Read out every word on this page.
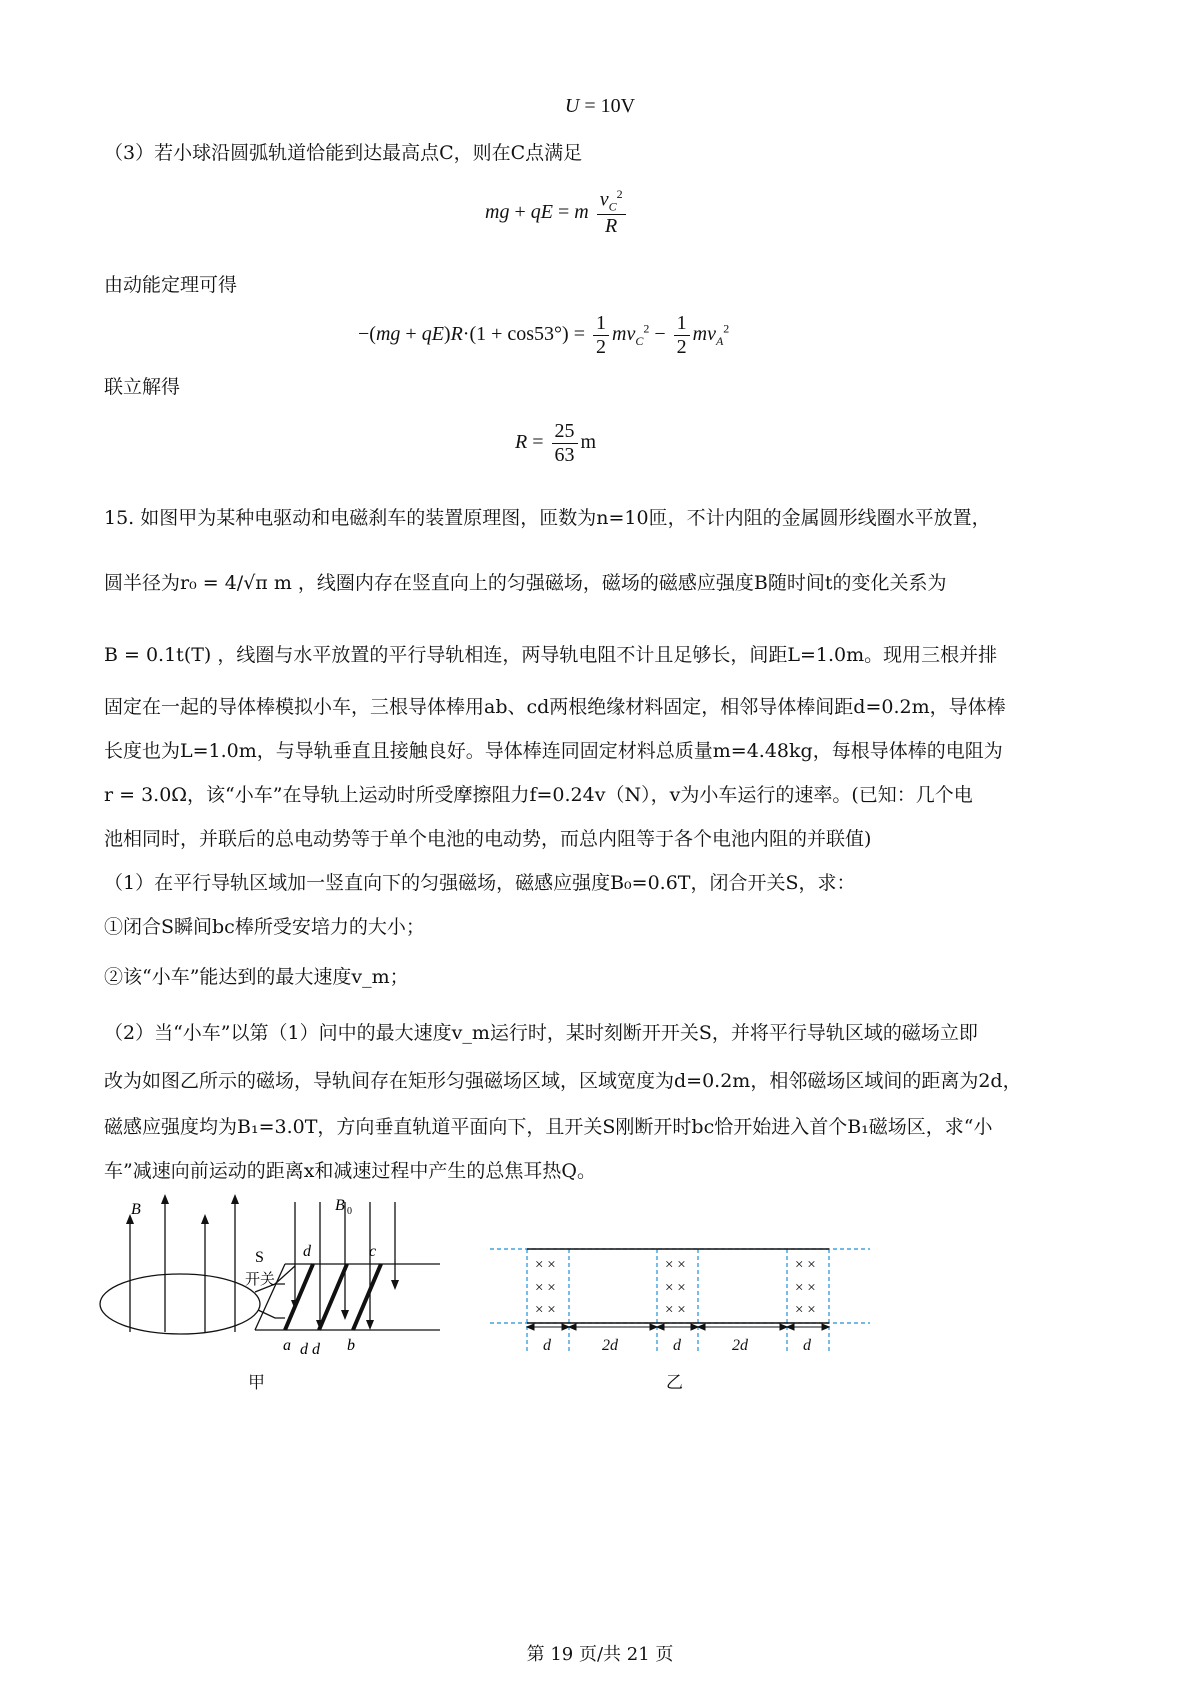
U = 10V
（3）若小球沿圆弧轨道恰能到达最高点C，则在C点满足
mg + qE = m $\frac{v_C^2}{R}$
由动能定理可得
$-(mg + qE)R\cdot(1 + \cos 53^\circ) = \frac{1}{2} mv_C^2 - \frac{1}{2} mv_A^2$
联立解得
$R = \frac{25}{63}$ m
15. 如图甲为某种电驱动和电磁刹车的装置原理图，匝数为n=10匝，不计内阻的金属圆形线圈水平放置，
圆半径为r₀ = 4/√π m ，线圈内存在竖直向上的匀强磁场，磁场的磁感应强度B随时间t的变化关系为
B = 0.1t(T) ，线圈与水平放置的平行导轨相连，两导轨电阻不计且足够长，间距L=1.0m。现用三根并排
固定在一起的导体棒模拟小车，三根导体棒用ab、cd两根绝缘材料固定，相邻导体棒间距d=0.2m，导体棒
长度也为L=1.0m，与导轨垂直且接触良好。导体棒连同固定材料总质量m=4.48kg，每根导体棒的电阻为
r = 3.0Ω，该“小车”在导轨上运动时所受摩擦阻力f=0.24v（N），v为小车运行的速率。(已知：几个电
池相同时，并联后的总电动势等于单个电池的电动势，而总内阻等于各个电池内阻的并联值)
（1）在平行导轨区域加一竖直向下的匀强磁场，磁感应强度B₀=0.6T，闭合开关S，求：
①闭合S瞬间bc棒所受安培力的大小；
②该“小车”能达到的最大速度v_m；
（2）当“小车”以第（1）问中的最大速度v_m运行时，某时刻断开开关S，并将平行导轨区域的磁场立即
改为如图乙所示的磁场，导轨间存在矩形匀强磁场区域，区域宽度为d=0.2m，相邻磁场区域间的距离为2d，
磁感应强度均为B₁=3.0T，方向垂直轨道平面向下，且开关S刚断开时bc恰开始进入首个B₁磁场区，求“小
车”减速向前运动的距离x和减速过程中产生的总焦耳热Q。
B	B 0
S
开关
d	c
a d d b
甲
× ×
× ×
× ×
× ×
× ×
× ×
× ×
× ×
× ×
d	2d	d	2d	d
乙
第 19 页/共 21 页
